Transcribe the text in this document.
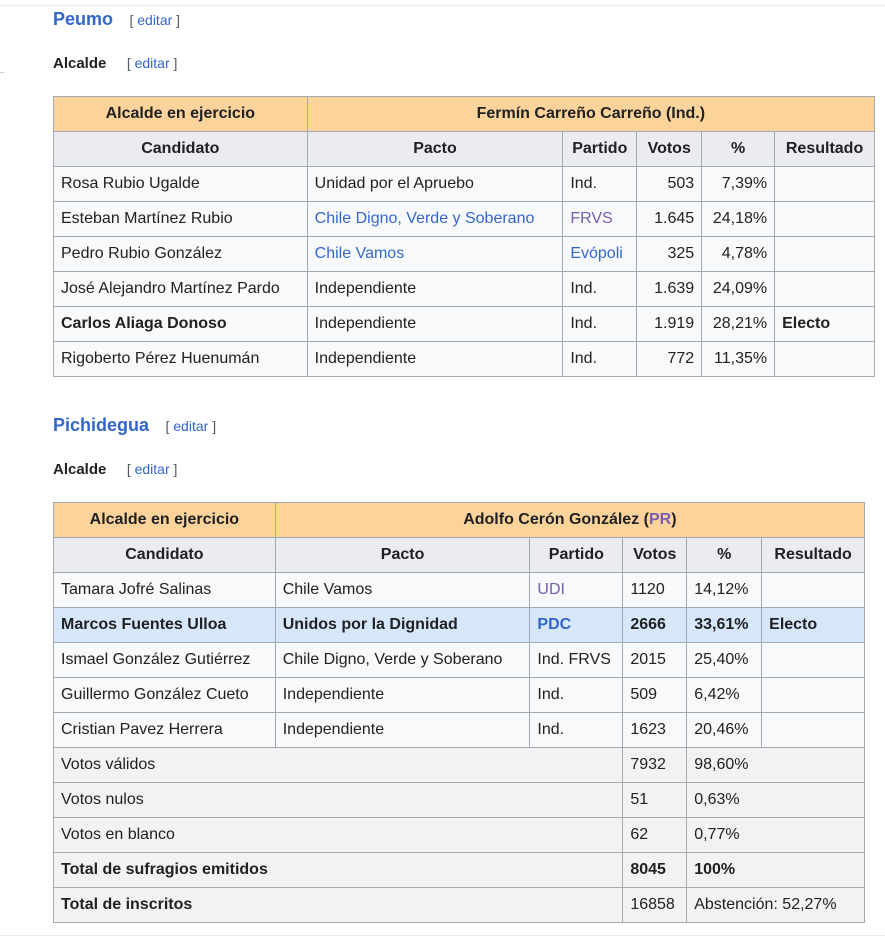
Peumo [ editar ]
Alcalde [ editar ]
Alcalde en ejercicio	Fermín Carreño Carreño (Ind.)				
Candidato	Pacto	Partido	Votos	%	Resultado
Rosa Rubio Ugalde	Unidad por el Apruebo	Ind.	503	7,39%	
Esteban Martínez Rubio	Chile Digno, Verde y Soberano	FRVS	1.645	24,18%	
Pedro Rubio González	Chile Vamos	Evópoli	325	4,78%	
José Alejandro Martínez Pardo	Independiente	Ind.	1.639	24,09%	
Carlos Aliaga Donoso	Independiente	Ind.	1.919	28,21%	Electo
Rigoberto Pérez Huenumán	Independiente	Ind.	772	11,35%	
Pichidegua [ editar ]
Alcalde [ editar ]
Alcalde en ejercicio	Adolfo Cerón González (PR)				
Candidato	Pacto	Partido	Votos	%	Resultado
Tamara Jofré Salinas	Chile Vamos	UDI	1120	14,12%	
Marcos Fuentes Ulloa	Unidos por la Dignidad	PDC	2666	33,61%	Electo
Ismael González Gutiérrez	Chile Digno, Verde y Soberano	Ind. FRVS	2015	25,40%	
Guillermo González Cueto	Independiente	Ind.	509	6,42%	
Cristian Pavez Herrera	Independiente	Ind.	1623	20,46%	
Votos válidos			7932	98,60%	
Votos nulos			51	0,63%	
Votos en blanco			62	0,77%	
Total de sufragios emitidos			8045	100%	
Total de inscritos			16858	Abstención: 52,27%	
